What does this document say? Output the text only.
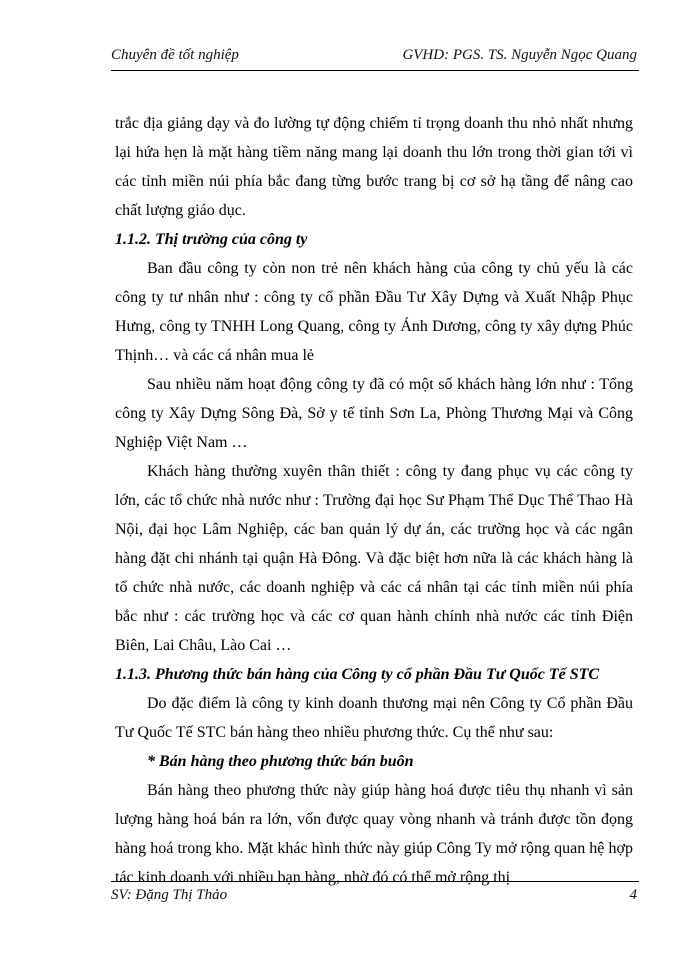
Chuyên đề tốt nghiệp	GVHD: PGS. TS. Nguyễn Ngọc Quang

trắc địa giảng dạy và đo lường tự động chiếm tỉ trọng doanh thu nhỏ nhất nhưng lại hứa hẹn là mặt hàng tiềm năng mang lại doanh thu lớn trong thời gian tới vì các tỉnh miền núi phía bắc đang từng bước trang bị cơ sở hạ tầng để nâng cao chất lượng giáo dục.

1.1.2. Thị trường của công ty

Ban đầu công ty còn non trẻ nên khách hàng của công ty chủ yếu là các công ty tư nhân như : công ty cổ phần Đầu Tư Xây Dựng và Xuất Nhập Phục Hưng, công ty TNHH Long Quang, công ty Ánh Dương, công ty xây dựng Phúc Thịnh… và các cá nhân mua lẻ

Sau nhiều năm hoạt động công ty đã có một số khách hàng lớn như : Tổng công ty Xây Dựng Sông Đà, Sở y tế tỉnh Sơn La, Phòng Thương Mại và Công Nghiệp Việt Nam …

Khách hàng thường xuyên thân thiết : công ty đang phục vụ các công ty lớn, các tổ chức nhà nước như : Trường đại học Sư Phạm Thể Dục Thể Thao Hà Nội, đại học Lâm Nghiệp, các ban quản lý dự án, các trường học và các ngân hàng đặt chi nhánh tại quận Hà Đông. Và đặc biệt hơn nữa là các khách hàng là tổ chức nhà nước, các doanh nghiệp và các cá nhân tại các tỉnh miền núi phía bắc như : các trường học và các cơ quan hành chính nhà nước các tỉnh Điện Biên, Lai Châu, Lào Cai …

1.1.3. Phương thức bán hàng của Công ty cổ phần Đầu Tư Quốc Tế STC

Do đặc điểm là công ty kinh doanh thương mại nên Công ty Cổ phần Đầu Tư Quốc Tế STC bán hàng theo nhiều phương thức. Cụ thể như sau:

* Bán hàng theo phương thức bán buôn

Bán hàng theo phương thức này giúp hàng hoá được tiêu thụ nhanh vì sản lượng hàng hoá bán ra lớn, vốn được quay vòng nhanh và tránh được tồn đọng hàng hoá trong kho. Mặt khác hình thức này giúp Công Ty mở rộng quan hệ hợp tác kinh doanh với nhiều bạn hàng, nhờ đó có thể mở rộng thị

SV: Đặng Thị Thảo	4
